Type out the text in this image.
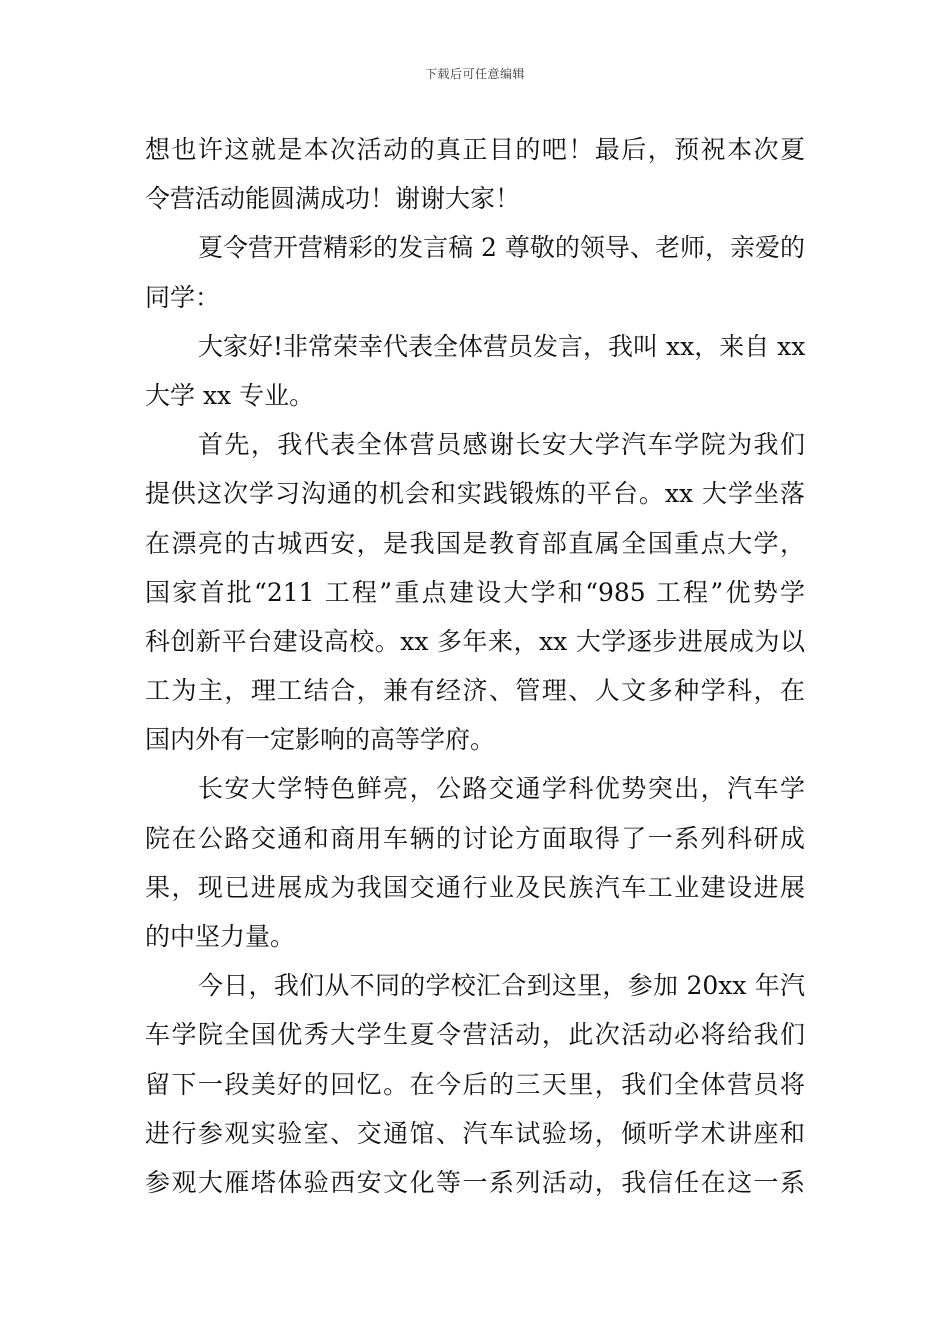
下载后可任意编辑
想也许这就是本次活动的真正目的吧！最后，预祝本次夏
令营活动能圆满成功！谢谢大家！
夏令营开营精彩的发言稿 2 尊敬的领导、老师，亲爱的
同学：
大家好!非常荣幸代表全体营员发言，我叫 xx，来自 xx
大学 xx 专业。
首先，我代表全体营员感谢长安大学汽车学院为我们
提供这次学习沟通的机会和实践锻炼的平台。xx 大学坐落
在漂亮的古城西安，是我国是教育部直属全国重点大学，
国家首批“211 工程”重点建设大学和“985 工程”优势学
科创新平台建设高校。xx 多年来，xx 大学逐步进展成为以
工为主，理工结合，兼有经济、管理、人文多种学科，在
国内外有一定影响的高等学府。
长安大学特色鲜亮，公路交通学科优势突出，汽车学
院在公路交通和商用车辆的讨论方面取得了一系列科研成
果，现已进展成为我国交通行业及民族汽车工业建设进展
的中坚力量。
今日，我们从不同的学校汇合到这里，参加 20xx 年汽
车学院全国优秀大学生夏令营活动，此次活动必将给我们
留下一段美好的回忆。在今后的三天里，我们全体营员将
进行参观实验室、交通馆、汽车试验场，倾听学术讲座和
参观大雁塔体验西安文化等一系列活动，我信任在这一系
